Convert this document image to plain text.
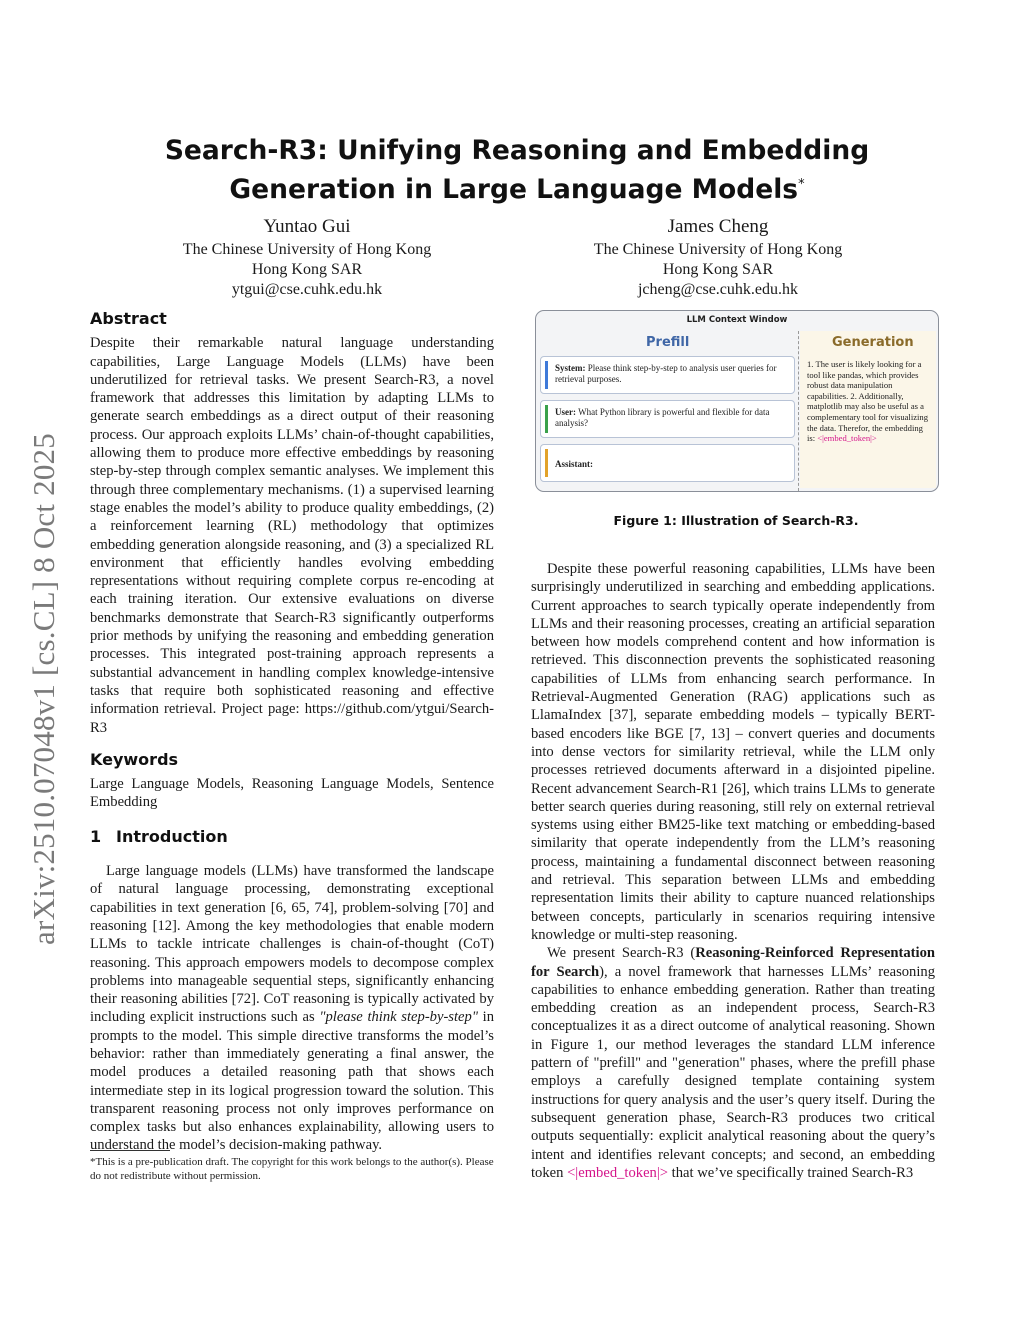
arXiv:2510.07048v1 [cs.CL] 8 Oct 2025
Search-R3: Unifying Reasoning and Embedding Generation in Large Language Models*
Yuntao Gui
The Chinese University of Hong Kong
Hong Kong SAR
ytgui@cse.cuhk.edu.hk
James Cheng
The Chinese University of Hong Kong
Hong Kong SAR
jcheng@cse.cuhk.edu.hk
Abstract

Despite their remarkable natural language understanding capabilities, Large Language Models (LLMs) have been underutilized for retrieval tasks. We present Search-R3, a novel framework that addresses this limitation by adapting LLMs to generate search embeddings as a direct output of their reasoning process. Our approach exploits LLMs’ chain-of-thought capabilities, allowing them to produce more effective embeddings by reasoning step-by-step through complex semantic analyses. We implement this through three complementary mechanisms. (1) a supervised learning stage enables the model’s ability to produce quality embeddings, (2) a reinforcement learning (RL) methodology that optimizes embedding generation alongside reasoning, and (3) a specialized RL environment that efficiently handles evolving embedding representations without requiring complete corpus re-encoding at each training iteration. Our extensive evaluations on diverse benchmarks demonstrate that Search-R3 significantly outperforms prior methods by unifying the reasoning and embedding generation processes. This integrated post-training approach represents a substantial advancement in handling complex knowledge-intensive tasks that require both sophisticated reasoning and effective information retrieval. Project page: https://github.com/ytgui/Search-R3

Keywords

Large Language Models, Reasoning Language Models, Sentence Embedding

1 Introduction

Large language models (LLMs) have transformed the landscape of natural language processing, demonstrating exceptional capabilities in text generation [6, 65, 74], problem-solving [70] and reasoning [12]. Among the key methodologies that enable modern LLMs to tackle intricate challenges is chain-of-thought (CoT) reasoning. This approach empowers models to decompose complex problems into manageable sequential steps, significantly enhancing their reasoning abilities [72]. CoT reasoning is typically activated by including explicit instructions such as "please think step-by-step" in prompts to the model. This simple directive transforms the model’s behavior: rather than immediately generating a final answer, the model produces a detailed reasoning path that shows each intermediate step in its logical progression toward the solution. This transparent reasoning process not only improves performance on complex tasks but also enhances explainability, allowing users to understand the model’s decision-making pathway.

*This is a pre-publication draft. The copyright for this work belongs to the author(s). Please do not redistribute without permission.
LLM Context Window
Prefill	Generation
System: Please think step-by-step to analysis user queries for retrieval purposes.
User: What Python library is powerful and flexible for data analysis?
Assistant:
1. The user is likely looking for a tool like pandas, which provides robust data manipulation capabilities. 2. Additionally, matplotlib may also be useful as a complementary tool for visualizing the data. Therefor, the embedding is: <|embed_token|>
Figure 1: Illustration of Search-R3.

Despite these powerful reasoning capabilities, LLMs have been surprisingly underutilized in searching and embedding applications. Current approaches to search typically operate independently from LLMs and their reasoning processes, creating an artificial separation between how models comprehend content and how information is retrieved. This disconnection prevents the sophisticated reasoning capabilities of LLMs from enhancing search performance. In Retrieval-Augmented Generation (RAG) applications such as LlamaIndex [37], separate embedding models – typically BERT-based encoders like BGE [7, 13] – convert queries and documents into dense vectors for similarity retrieval, while the LLM only processes retrieved documents afterward in a disjointed pipeline. Recent advancement Search-R1 [26], which trains LLMs to generate better search queries during reasoning, still rely on external retrieval systems using either BM25-like text matching or embedding-based similarity that operate independently from the LLM’s reasoning process, maintaining a fundamental disconnect between reasoning and retrieval. This separation between LLMs and embedding representation limits their ability to capture nuanced relationships between concepts, particularly in scenarios requiring intensive knowledge or multi-step reasoning.

We present Search-R3 (Reasoning-Reinforced Representation for Search), a novel framework that harnesses LLMs’ reasoning capabilities to enhance embedding generation. Rather than treating embedding creation as an independent process, Search-R3 conceptualizes it as a direct outcome of analytical reasoning. Shown in Figure 1, our method leverages the standard LLM inference pattern of "prefill" and "generation" phases, where the prefill phase employs a carefully designed template containing system instructions for query analysis and the user’s query itself. During the subsequent generation phase, Search-R3 produces two critical outputs sequentially: explicit analytical reasoning about the query’s intent and identifies relevant concepts; and second, an embedding token <|embed_token|> that we’ve specifically trained Search-R3
